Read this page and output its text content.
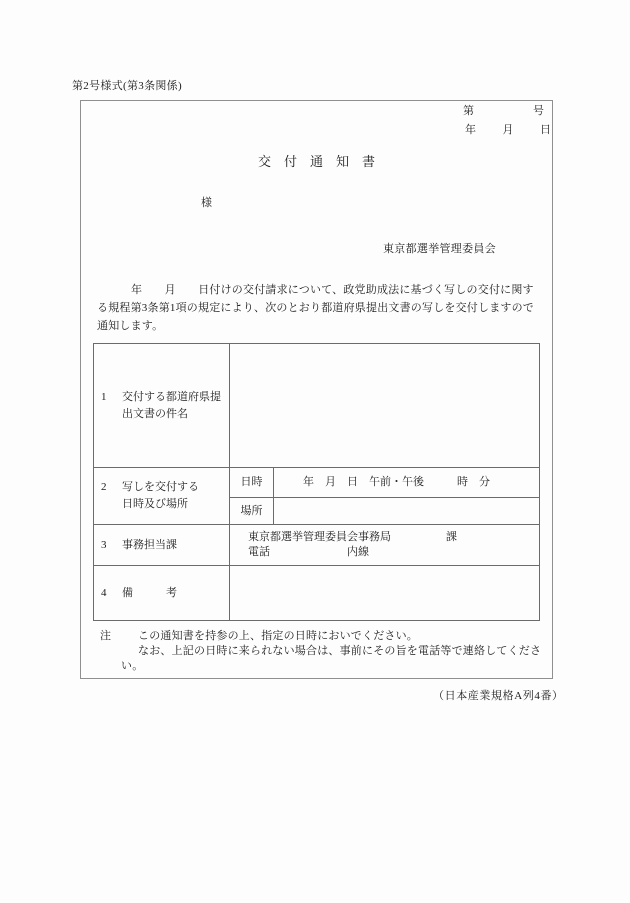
第2号様式(第3条関係)
第	号
年 月 日
交　付　通　知　書
様
東京都選挙管理委員会
年　　月　　日付けの交付請求について、政党助成法に基づく写しの交付に関す
る規程第3条第1項の規定により、次のとおり都道府県提出文書の写しを交付しますので
通知します。
1	交付する都道府県提
出文書の件名
2	写しを交付する
日時及び場所
日時	年　月　日　午前・午後　　　時　分
場所
3	事務担当課
東京都選挙管理委員会事務局　　　　　課
電話　　　　　　　内線
4	備　　　考
注 この通知書を持参の上、指定の日時においでください。
なお、上記の日時に来られない場合は、事前にその旨を電話等で連絡してくださ
い。
（日本産業規格A列4番）
